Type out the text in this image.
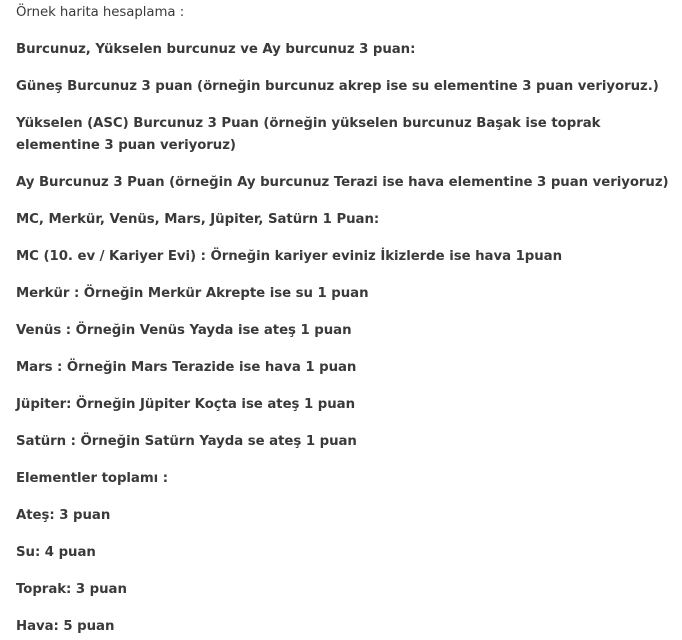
Örnek harita hesaplama :

Burcunuz, Yükselen burcunuz ve Ay burcunuz 3 puan:

Güneş Burcunuz 3 puan (örneğin burcunuz akrep ise su elementine 3 puan veriyoruz.)

Yükselen (ASC) Burcunuz 3 Puan (örneğin yükselen burcunuz Başak ise toprak elementine 3 puan veriyoruz)

Ay Burcunuz 3 Puan (örneğin Ay burcunuz Terazi ise hava elementine 3 puan veriyoruz)

MC, Merkür, Venüs, Mars, Jüpiter, Satürn 1 Puan:

MC (10. ev / Kariyer Evi) : Örneğin kariyer eviniz İkizlerde ise hava 1puan

Merkür : Örneğin Merkür Akrepte ise su 1 puan

Venüs : Örneğin Venüs Yayda ise ateş 1 puan

Mars : Örneğin Mars Terazide ise hava 1 puan

Jüpiter: Örneğin Jüpiter Koçta ise ateş 1 puan

Satürn : Örneğin Satürn Yayda se ateş 1 puan

Elementler toplamı :

Ateş: 3 puan

Su: 4 puan

Toprak: 3 puan

Hava: 5 puan
